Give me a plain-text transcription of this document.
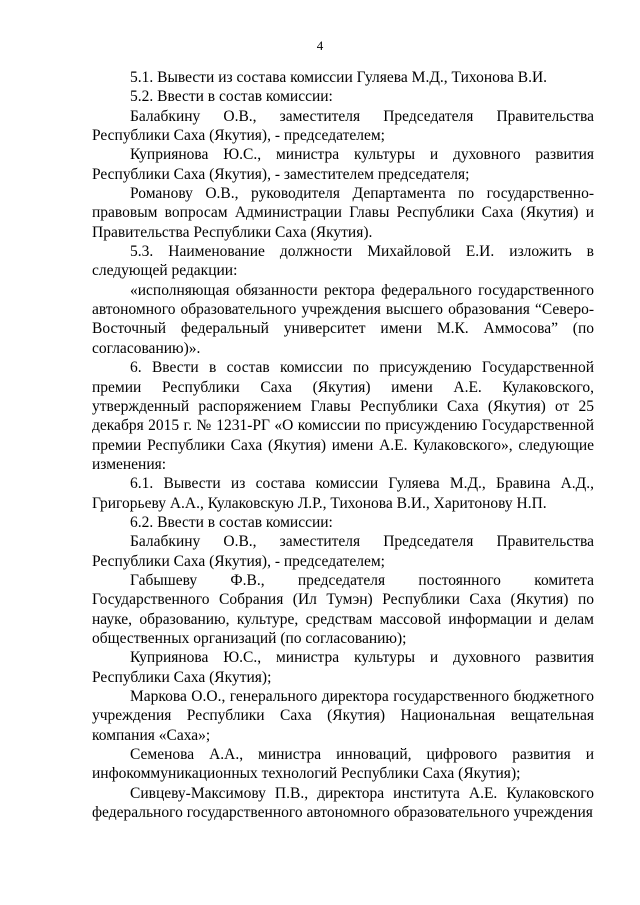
4

5.1. Вывести из состава комиссии Гуляева М.Д., Тихонова В.И.

5.2. Ввести в состав комиссии:

Балабкину О.В., заместителя Председателя Правительства Республики Саха (Якутия), - председателем;

Куприянова Ю.С., министра культуры и духовного развития Республики Саха (Якутия), - заместителем председателя;

Романову О.В., руководителя Департамента по государственно-правовым вопросам Администрации Главы Республики Саха (Якутия) и Правительства Республики Саха (Якутия).

5.3. Наименование должности Михайловой Е.И. изложить в следующей редакции:

«исполняющая обязанности ректора федерального государственного автономного образовательного учреждения высшего образования “Северо-Восточный федеральный университет имени М.К. Аммосова” (по согласованию)».

6. Ввести в состав комиссии по присуждению Государственной премии Республики Саха (Якутия) имени А.Е. Кулаковского, утвержденный распоряжением Главы Республики Саха (Якутия) от 25 декабря 2015 г. № 1231-РГ «О комиссии по присуждению Государственной премии Республики Саха (Якутия) имени А.Е. Кулаковского», следующие изменения:

6.1. Вывести из состава комиссии Гуляева М.Д., Бравина А.Д., Григорьеву А.А., Кулаковскую Л.Р., Тихонова В.И., Харитонову Н.П.

6.2. Ввести в состав комиссии:

Балабкину О.В., заместителя Председателя Правительства Республики Саха (Якутия), - председателем;

Габышеву Ф.В., председателя постоянного комитета Государственного Собрания (Ил Тумэн) Республики Саха (Якутия) по науке, образованию, культуре, средствам массовой информации и делам общественных организаций (по согласованию);

Куприянова Ю.С., министра культуры и духовного развития Республики Саха (Якутия);

Маркова О.О., генерального директора государственного бюджетного учреждения Республики Саха (Якутия) Национальная вещательная компания «Саха»;

Семенова А.А., министра инноваций, цифрового развития и инфокоммуникационных технологий Республики Саха (Якутия);

Сивцеву-Максимову П.В., директора института А.Е. Кулаковского федерального государственного автономного образовательного учреждения
